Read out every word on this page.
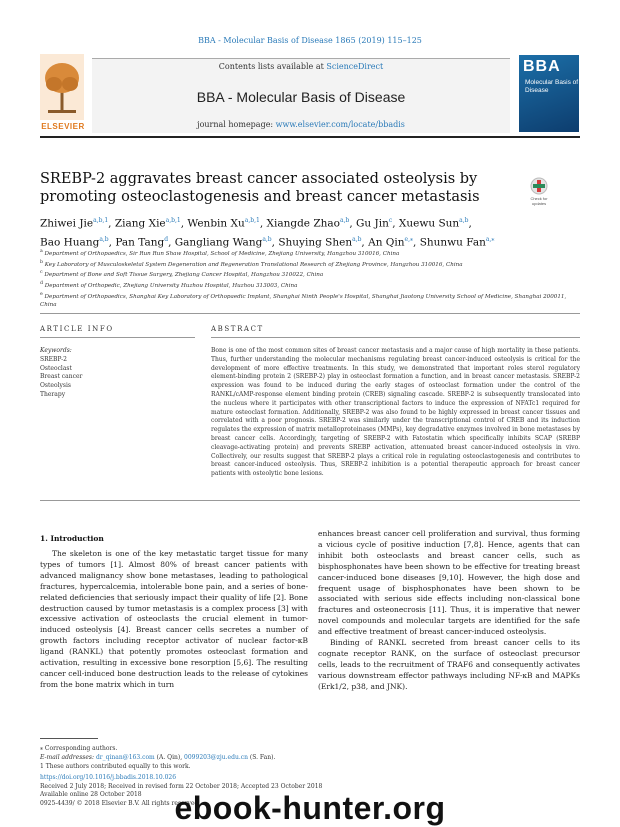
BBA - Molecular Basis of Disease 1865 (2019) 115–125
Contents lists available at ScienceDirect
BBA - Molecular Basis of Disease
journal homepage: www.elsevier.com/locate/bbadis
ELSEVIER
BBA
Molecular Basis of Disease
SREBP-2 aggravates breast cancer associated osteolysis by promoting osteoclastogenesis and breast cancer metastasis	Check for updates
Zhiwei Jie$^{a,b,1}$, Ziang Xie$^{a,b,1}$, Wenbin Xu$^{a,b,1}$, Xiangde Zhao$^{a,b}$, Gu Jin$^c$, Xuewu Sun$^{a,b}$,
Bao Huang$^{a,b}$, Pan Tang$^d$, Gangliang Wang$^{a,b}$, Shuying Shen$^{a,b}$, An Qin$^{e,⁎}$, Shunwu Fan$^{a,⁎}$
$^a$ Department of Orthopaedics, Sir Run Run Shaw Hospital, School of Medicine, Zhejiang University, Hangzhou 310016, China
$^b$ Key Laboratory of Musculoskeletal System Degeneration and Regeneration Translational Research of Zhejiang Province, Hangzhou 310016, China
$^c$ Department of Bone and Soft Tissue Surgery, Zhejiang Cancer Hospital, Hangzhou 310022, China
$^d$ Department of Orthopedic, Zhejiang University Huzhou Hospital, Huzhou 313003, China
$^e$ Department of Orthopaedics, Shanghai Key Laboratory of Orthopaedic Implant, Shanghai Ninth People's Hospital, Shanghai Jiaotong University School of Medicine, Shanghai 200011, China
ARTICLE INFO	ABSTRACT
Keywords:
SREBP-2
Osteoclast
Breast cancer
Osteolysis
Therapy
Bone is one of the most common sites of breast cancer metastasis and a major cause of high mortality in these patients. Thus, further understanding the molecular mechanisms regulating breast cancer-induced osteolysis is critical for the development of more effective treatments. In this study, we demonstrated that important roles sterol regulatory element-binding protein 2 (SREBP-2) play in osteoclast formation a function, and in breast cancer metastasis. SREBP-2 expression was found to be induced during the early stages of osteoclast formation under the control of the RANKL/cAMP-response element binding protein (CREB) signaling cascade. SREBP-2 is subsequently translocated into the nucleus where it participates with other transcriptional factors to induce the expression of NFATc1 required for mature osteoclast formation. Additionally, SREBP-2 was also found to be highly expressed in breast cancer tissues and correlated with a poor prognosis. SREBP-2 was similarly under the transcriptional control of CREB and its induction regulates the expression of matrix metalloproteinases (MMPs), key degradative enzymes involved in bone metastases by breast cancer cells. Accordingly, targeting of SREBP-2 with Fatostatin which specifically inhibits SCAP (SREBP cleavage-activating protein) and prevents SREBP activation, attenuated breast cancer-induced osteolysis in vivo. Collectively, our results suggest that SREBP-2 plays a critical role in regulating osteoclastogenesis and contributes to breast cancer-induced osteolysis. Thus, SREBP-2 inhibition is a potential therapeutic approach for breast cancer patients with osteolytic bone lesions.
1. Introduction

The skeleton is one of the key metastatic target tissue for many types of tumors [1]. Almost 80% of breast cancer patients with advanced malignancy show bone metastases, leading to pathological fractures, hypercalcemia, intolerable bone pain, and a series of bone-related deficiencies that seriously impact their quality of life [2]. Bone destruction caused by tumor metastasis is a complex process [3] with excessive activation of osteoclasts the crucial element in tumor-induced osteolysis [4]. Breast cancer cells secretes a number of growth factors including receptor activator of nuclear factor-κB ligand (RANKL) that potently promotes osteoclast formation and activation, resulting in excessive bone resorption [5,6]. The resulting cancer cell-induced bone destruction leads to the release of cytokines from the bone matrix which in turn

enhances breast cancer cell proliferation and survival, thus forming a vicious cycle of positive induction [7,8]. Hence, agents that can inhibit both osteoclasts and breast cancer cells, such as bisphosphonates have been shown to be effective for treating breast cancer-induced bone diseases [9,10]. However, the high dose and frequent usage of bisphosphonates have been shown to be associated with serious side effects including non-classical bone fractures and osteonecrosis [11]. Thus, it is imperative that newer novel compounds and molecular targets are identified for the safe and effective treatment of breast cancer-induced osteolysis.

Binding of RANKL secreted from breast cancer cells to its cognate receptor RANK, on the surface of osteoclast precursor cells, leads to the recruitment of TRAF6 and consequently activates various downstream effector pathways including NF-κB and MAPKs (Erk1/2, p38, and JNK).

⁎ Corresponding authors.
E-mail addresses: dr_qinan@163.com (A. Qin), 0099203@zju.edu.cn (S. Fan).
1 These authors contributed equally to this work.
https://doi.org/10.1016/j.bbadis.2018.10.026
Received 2 July 2018; Received in revised form 22 October 2018; Accepted 23 October 2018
Available online 28 October 2018
0925-4439/ © 2018 Elsevier B.V. All rights reserved.
ebook-hunter.org
